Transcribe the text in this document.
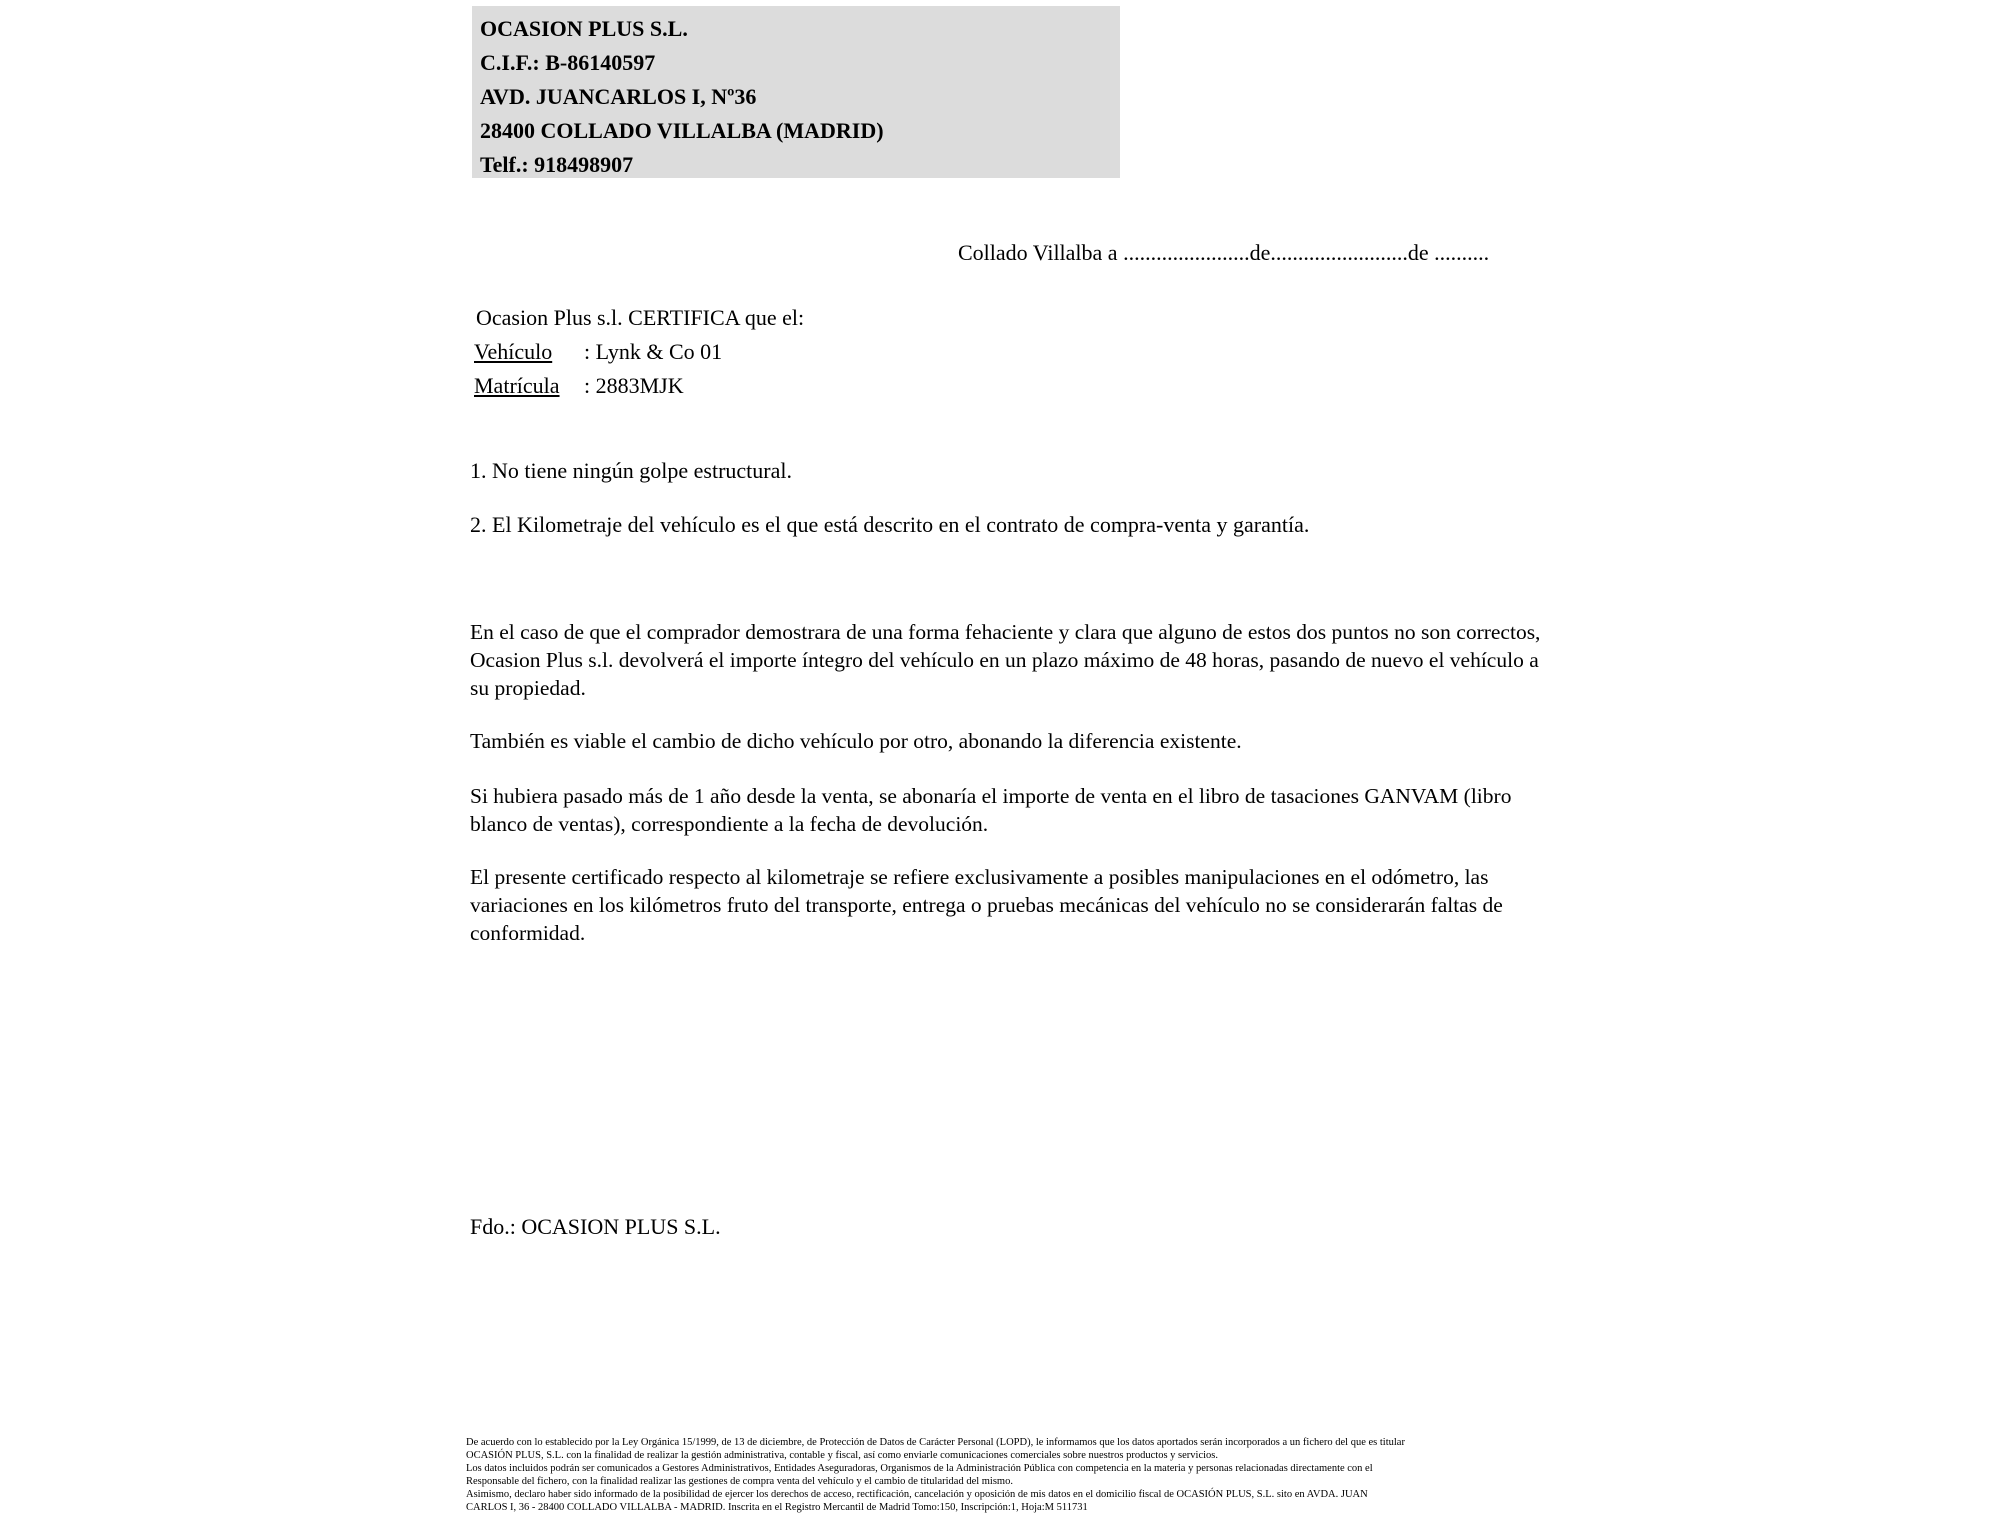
OCASION PLUS S.L.
C.I.F.: B-86140597
AVD. JUANCARLOS I, Nº36
28400 COLLADO VILLALBA (MADRID)
Telf.: 918498907
Collado Villalba a .......................de.........................de ..........
Ocasion Plus s.l. CERTIFICA que el:
Vehículo : Lynk & Co 01
Matrícula : 2883MJK
1. No tiene ningún golpe estructural.
2. El Kilometraje del vehículo es el que está descrito en el contrato de compra-venta y garantía.
En el caso de que el comprador demostrara de una forma fehaciente y clara que alguno de estos dos puntos no son correctos, Ocasion Plus s.l. devolverá el importe íntegro del vehículo en un plazo máximo de 48 horas, pasando de nuevo el vehículo a su propiedad.
También es viable el cambio de dicho vehículo por otro, abonando la diferencia existente.
Si hubiera pasado más de 1 año desde la venta, se abonaría el importe de venta en el libro de tasaciones GANVAM (libro blanco de ventas), correspondiente a la fecha de devolución.
El presente certificado respecto al kilometraje se refiere exclusivamente a posibles manipulaciones en el odómetro, las variaciones en los kilómetros fruto del transporte, entrega o pruebas mecánicas del vehículo no se considerarán faltas de conformidad.
Fdo.: OCASION PLUS S.L.
De acuerdo con lo establecido por la Ley Orgánica 15/1999, de 13 de diciembre, de Protección de Datos de Carácter Personal (LOPD), le informamos que los datos aportados serán incorporados a un fichero del que es titular
OCASIÓN PLUS, S.L. con la finalidad de realizar la gestión administrativa, contable y fiscal, así como enviarle comunicaciones comerciales sobre nuestros productos y servicios.
Los datos incluidos podrán ser comunicados a Gestores Administrativos, Entidades Aseguradoras, Organismos de la Administración Pública con competencia en la materia y personas relacionadas directamente con el
Responsable del fichero, con la finalidad realizar las gestiones de compra venta del vehículo y el cambio de titularidad del mismo.
Asimismo, declaro haber sido informado de la posibilidad de ejercer los derechos de acceso, rectificación, cancelación y oposición de mis datos en el domicilio fiscal de OCASIÓN PLUS, S.L. sito en AVDA. JUAN
CARLOS I, 36 - 28400 COLLADO VILLALBA - MADRID. Inscrita en el Registro Mercantil de Madrid Tomo:150, Inscripción:1, Hoja:M 511731
